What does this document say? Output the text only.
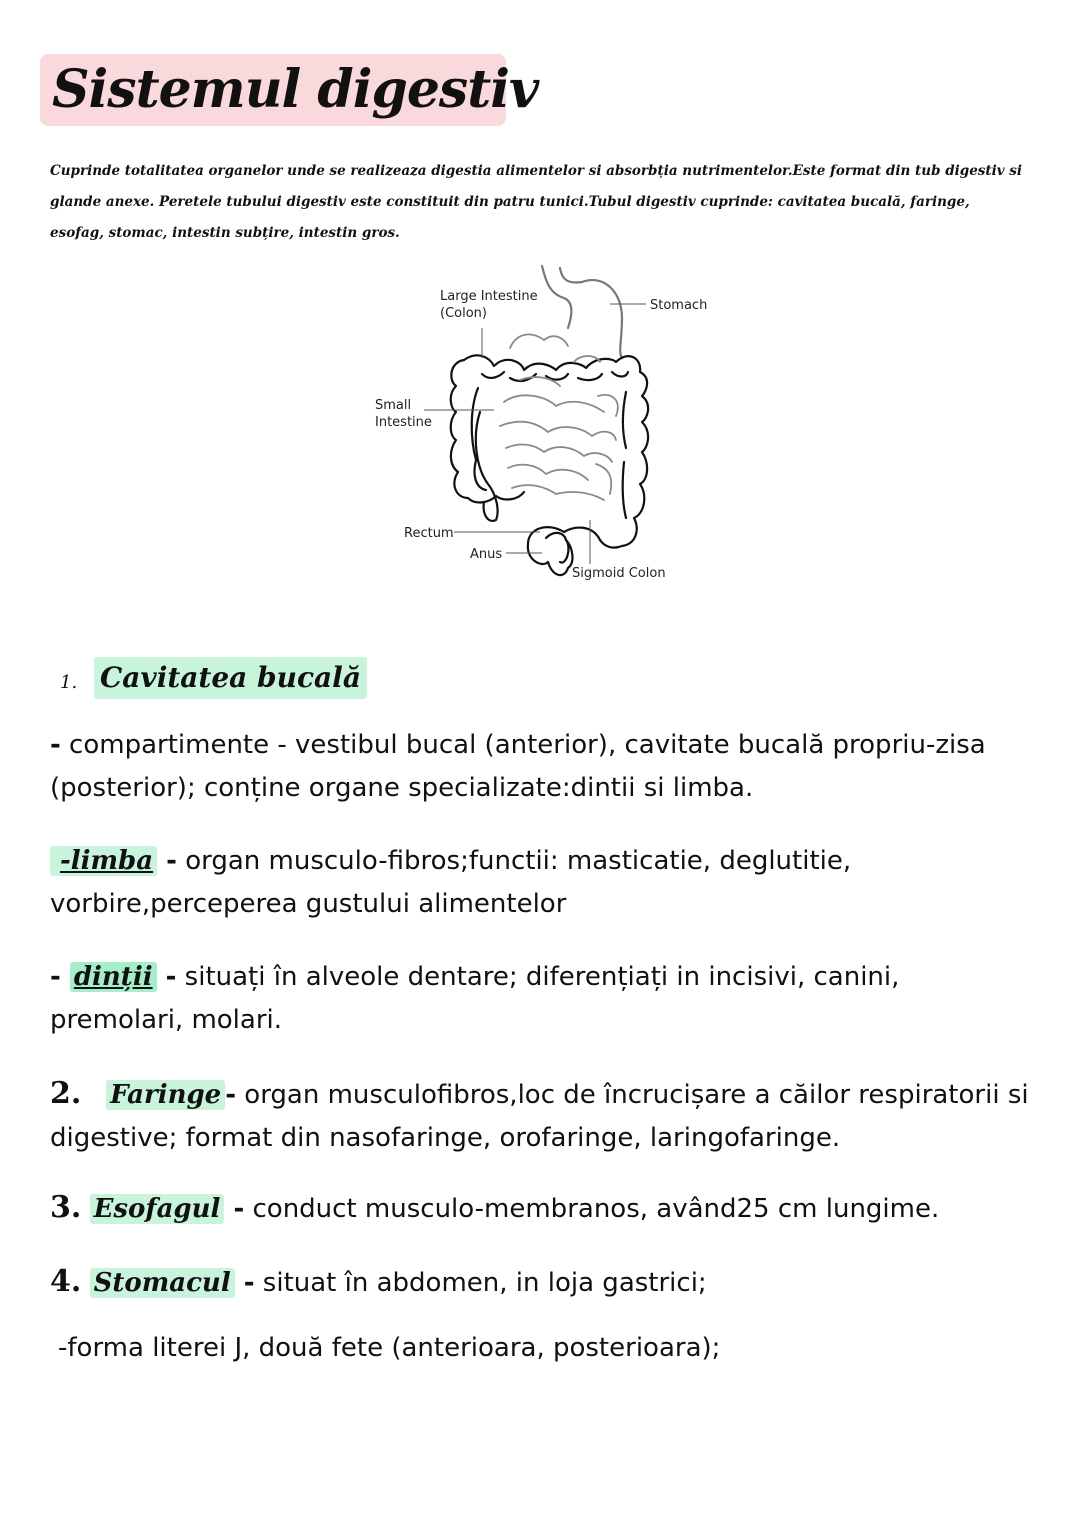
Sistemul digestiv
Cuprinde totalitatea organelor unde se realizeaza digestia alimentelor si absorbția nutrimentelor.Este format din tub digestiv si glande anexe. Peretele tubului digestiv este constituit din patru tunici.Tubul digestiv cuprinde: cavitatea bucală, faringe, esofag, stomac, intestin subțire, intestin gros.
Large Intestine
(Colon)
Stomach
Small
Intestine
Rectum
Anus
Sigmoid Colon
1. Cavitatea bucală
- compartimente - vestibul bucal (anterior), cavitate bucală propriu-zisa (posterior); conține organe specializate:dintii si limba.
-limba - organ musculo-fibros;functii: masticatie, deglutitie, vorbire,perceperea gustului alimentelor
- dinții - situați în alveole dentare; diferențiați in incisivi, canini, premolari, molari.
2. Faringe - organ musculofibros,loc de încrucișare a căilor respiratorii si digestive; format din nasofaringe, orofaringe, laringofaringe.
3. Esofagul - conduct musculo-membranos, având25 cm lungime.
4. Stomacul - situat în abdomen, in loja gastrici;
-forma literei J, două fete (anterioara, posterioara);
